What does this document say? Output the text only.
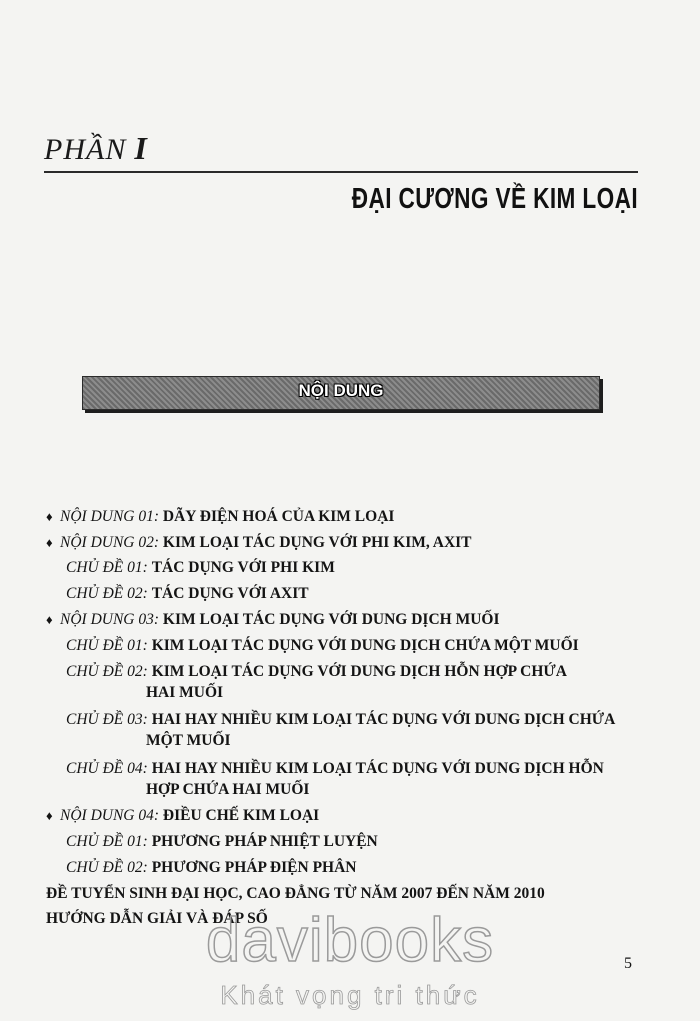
PHẦN I
ĐẠI CƯƠNG VỀ KIM LOẠI
NỘI DUNG
♦ NỘI DUNG 01: DÃY ĐIỆN HOÁ CỦA KIM LOẠI
♦ NỘI DUNG 02: KIM LOẠI TÁC DỤNG VỚI PHI KIM, AXIT
CHỦ ĐỀ 01: TÁC DỤNG VỚI PHI KIM
CHỦ ĐỀ 02: TÁC DỤNG VỚI AXIT
♦ NỘI DUNG 03: KIM LOẠI TÁC DỤNG VỚI DUNG DỊCH MUỐI
CHỦ ĐỀ 01: KIM LOẠI TÁC DỤNG VỚI DUNG DỊCH CHỨA MỘT MUỐI
CHỦ ĐỀ 02: KIM LOẠI TÁC DỤNG VỚI DUNG DỊCH HỖN HỢP CHỨA
HAI MUỐI
CHỦ ĐỀ 03: HAI HAY NHIỀU KIM LOẠI TÁC DỤNG VỚI DUNG DỊCH CHỨA
MỘT MUỐI
CHỦ ĐỀ 04: HAI HAY NHIỀU KIM LOẠI TÁC DỤNG VỚI DUNG DỊCH HỖN
HỢP CHỨA HAI MUỐI
♦ NỘI DUNG 04: ĐIỀU CHẾ KIM LOẠI
CHỦ ĐỀ 01: PHƯƠNG PHÁP NHIỆT LUYỆN
CHỦ ĐỀ 02: PHƯƠNG PHÁP ĐIỆN PHÂN
ĐỀ TUYỂN SINH ĐẠI HỌC, CAO ĐẲNG TỪ NĂM 2007 ĐẾN NĂM 2010
HƯỚNG DẪN GIẢI VÀ ĐÁP SỐ
davibooks
Khát vọng tri thức
5
